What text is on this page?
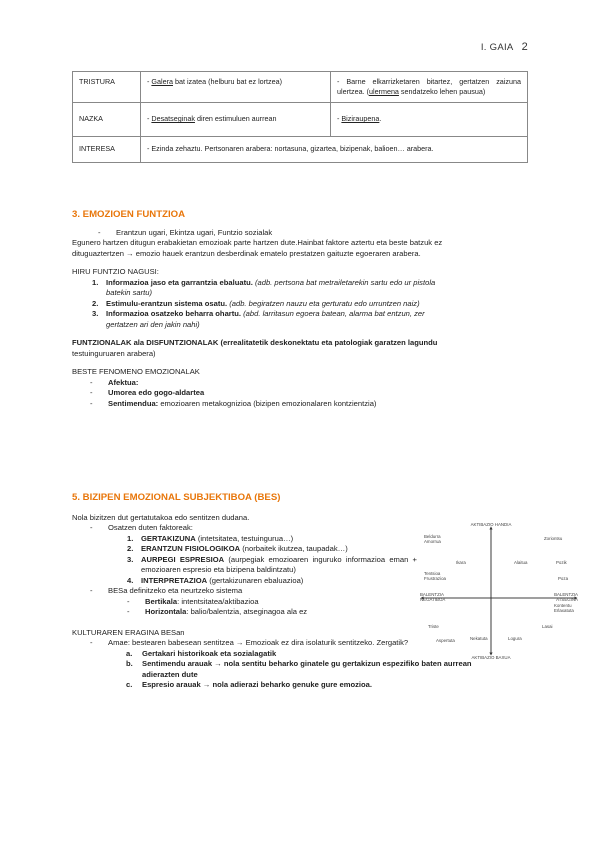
I. GAIA 2
TRISTURA	- Galera bat izatea (helburu bat ez lortzea)	- Barne elkarrizketaren bitartez, gertatzen zaizuna ulertzea. (ulermena sendatzeko lehen pausua)
NAZKA	- Desatseginak diren estimuluen aurrean	- Biziraupena.
INTERESA	- Ezinda zehaztu. Pertsonaren arabera: nortasuna, gizartea, bizipenak, balioen… arabera.	
3. EMOZIOEN FUNTZIOA
-	Erantzun ugari, Ekintza ugari, Funtzio sozialak
Egunero hartzen ditugun erabakietan emozioak parte hartzen dute.Hainbat faktore aztertu eta beste batzuk ez
dituguaztertzen → emozio hauek erantzun desberdinak ematelo prestatzen gaituzte egoeraren arabera.
HIRU FUNTZIO NAGUSI:
1.	Informazioa jaso eta garrantzia ebaluatu. (adb. pertsona bat metrailetarekin sartu edo ur pistola
batekin sartu)
2.	Estimulu-erantzun sistema osatu. (adb. begiratzen nauzu eta gerturatu edo urruntzen naiz)
3.	Informazioa osatzeko beharra ohartu. (abd. larritasun egoera batean, alarma bat entzun, zer
gertatzen ari den jakin nahi)
FUNTZIONALAK ala DISFUNTZIONALAK (errealitatetik deskonektatu eta patologiak garatzen lagundu
testuinguruaren arabera)
BESTE FENOMENO EMOZIONALAK
-	Afektua:
-	Umorea edo gogo-aldartea
-	Sentimendua: emozioaren metakognizioa (bizipen emozionalaren kontzientzia)
5. BIZIPEN EMOZIONAL SUBJEKTIBOA (BES)
Nola bizitzen dut gertatutakoa edo sentitzen dudana.
-	Osatzen duten faktoreak:
1.	GERTAKIZUNA (intetsitatea, testuingurua…)
2.	ERANTZUN FISIOLOGIKOA (norbaitek ikutzea, taupadak…)
3.	AURPEGI ESPRESIOA (aurpegiak emozioaren inguruko informazioa eman + emozioaren espresio eta bizipena baldintzatu)
4.	INTERPRETAZIOA (gertakizunaren ebaluazioa)
-	BESa definitzeko eta neurtzeko sistema
-	Bertikala: intentsitatea/aktibazioa
-	Horizontala: balio/balentzia, atseginagoa ala ez
KULTURAREN ERAGINA BESan
-	Amae: bestearen babesean sentitzea → Emozioak ez dira isolaturik sentitzeko. Zergatik?
a.	Gertakari historikoak eta sozialagatik
b.	Sentimendu arauak → nola sentitu beharko ginatele gu gertakizun espezifiko baten aurrean
adierazten dute
c.	Espresio arauak → nola adierazi beharko genuke gure emozioa.
AKTIBAZIO HANDIA
AKTIBAZIO BAXUA
BALENTZIA
NEGATIBOA
BALENTZIA
ATSEGINA
Beldurra
Amorrua
Ikara
Tentsioa
Frustrazioa
Zoriontsu
Pozik
Poza
Kontentu
Erlaxatuta
Lasai
Triste
Aspertuta	Nekatuta	Logura
Alaitua
